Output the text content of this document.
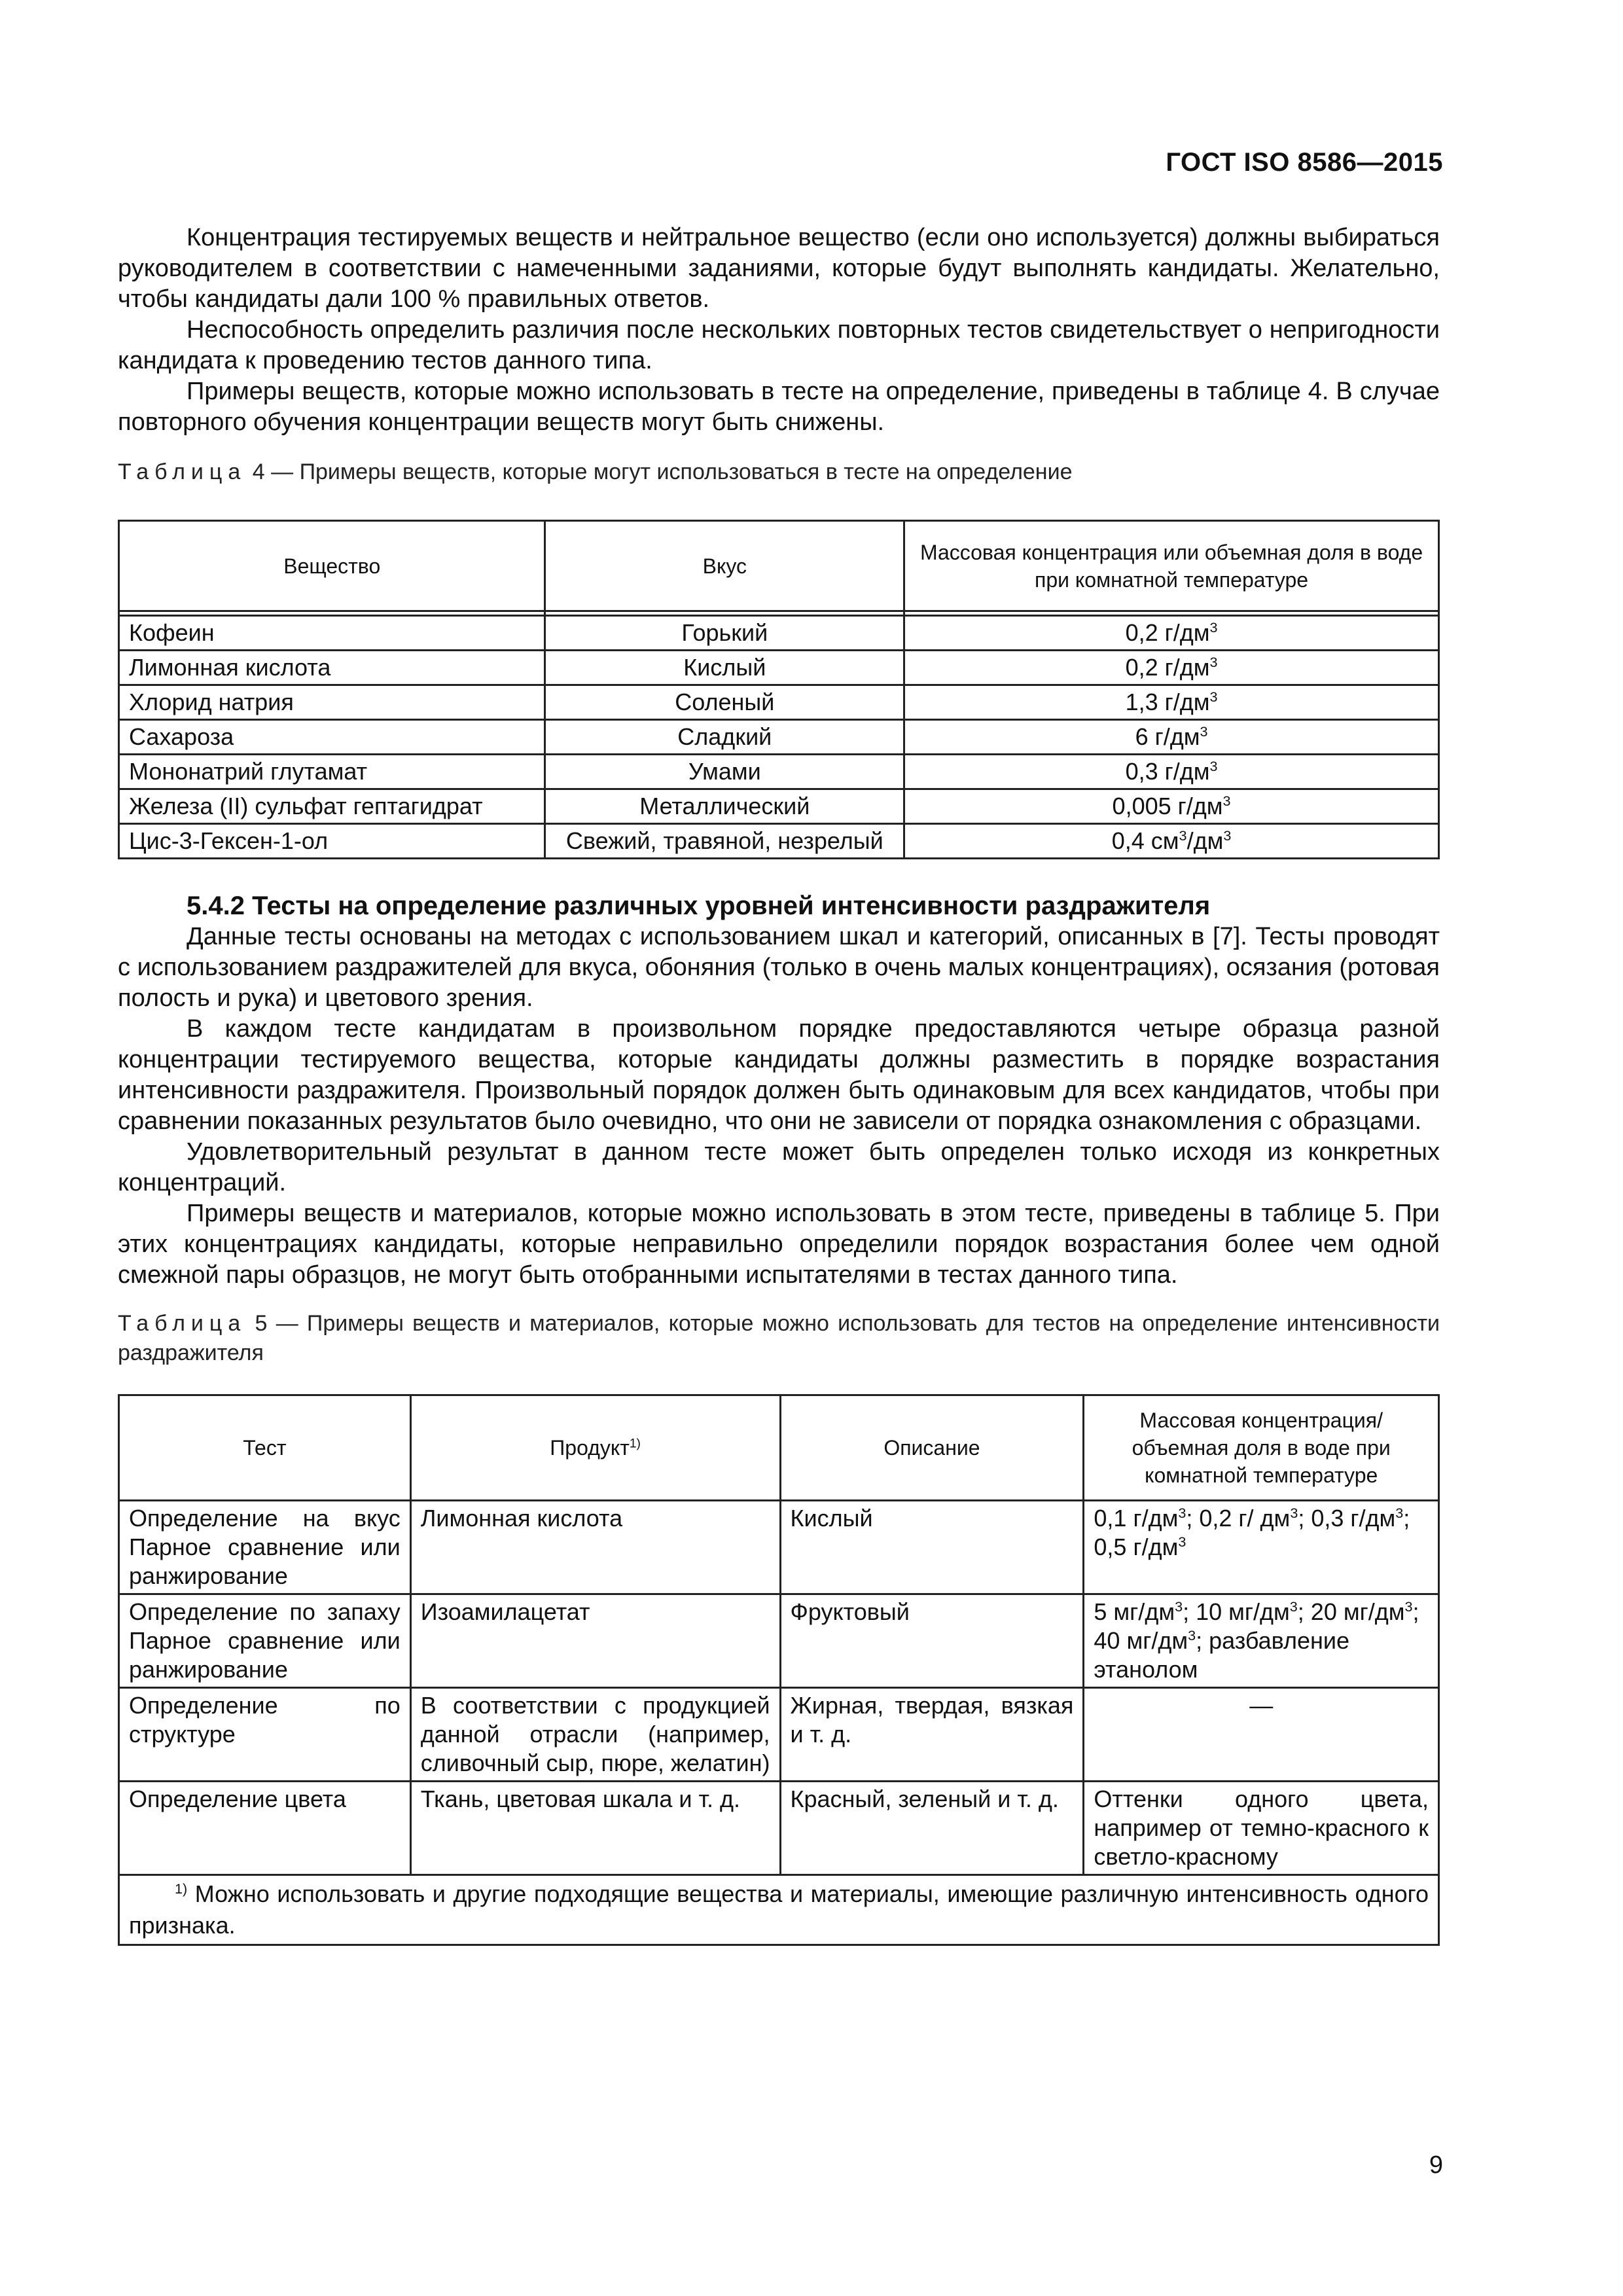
ГОСТ ISO 8586—2015

Концентрация тестируемых веществ и нейтральное вещество (если оно используется) должны выбираться руководителем в соответствии с намеченными заданиями, которые будут выполнять кандидаты. Желательно, чтобы кандидаты дали 100 % правильных ответов.

Неспособность определить различия после нескольких повторных тестов свидетельствует о непригодности кандидата к проведению тестов данного типа.

Примеры веществ, которые можно использовать в тесте на определение, приведены в таблице 4. В случае повторного обучения концентрации веществ могут быть снижены.

Таблица 4 — Примеры веществ, которые могут использоваться в тесте на определение

Вещество	Вкус	Массовая концентрация или объемная доля в воде при комнатной температуре

Кофеин	Горький	0,2 $г/дм^3$
Лимонная кислота	Кислый	0,2 $г/дм^3$
Хлорид натрия	Соленый	1,3 $г/дм^3$
Сахароза	Сладкий	6 $г/дм^3$
Мононатрий глутамат	Умами	0,3 $г/дм^3$
Железа (II) сульфат гептагидрат	Металлический	0,005 $г/дм^3$
Цис-3-Гексен-1-ол	Свежий, травяной, незрелый	0,4 $см^3/дм^3$

5.4.2 Тесты на определение различных уровней интенсивности раздражителя

Данные тесты основаны на методах с использованием шкал и категорий, описанных в [7]. Тесты проводят с использованием раздражителей для вкуса, обоняния (только в очень малых концентрациях), осязания (ротовая полость и рука) и цветового зрения.

В каждом тесте кандидатам в произвольном порядке предоставляются четыре образца разной концентрации тестируемого вещества, которые кандидаты должны разместить в порядке возрастания интенсивности раздражителя. Произвольный порядок должен быть одинаковым для всех кандидатов, чтобы при сравнении показанных результатов было очевидно, что они не зависели от порядка ознакомления с образцами.

Удовлетворительный результат в данном тесте может быть определен только исходя из конкретных концентраций.

Примеры веществ и материалов, которые можно использовать в этом тесте, приведены в таблице 5. При этих концентрациях кандидаты, которые неправильно определили порядок возрастания более чем одной смежной пары образцов, не могут быть отобранными испытателями в тестах данного типа.

Таблица 5 — Примеры веществ и материалов, которые можно использовать для тестов на определение интенсивности раздражителя

Тест	Продукт$^{1)}$	Описание	Массовая концентрация/ объемная доля в воде при комнатной температуре
Определение на вкус Парное сравнение или ранжирование	Лимонная кислота	Кислый	0,1 $г/дм^3$; 0,2 г/ $дм^3$; 0,3 $г/дм^3$; 0,5 $г/дм^3$
Определение по запаху Парное сравнение или ранжирование	Изоамилацетат	Фруктовый	5 $мг/дм^3$; 10 $мг/дм^3$; 20 $мг/дм^3$; 40 $мг/дм^3$; разбавление этанолом
Определение по структуре	В соответствии с продукцией данной отрасли (например, сливочный сыр, пюре, желатин)	Жирная, твердая, вязкая и т. д.	—
Определение цвета	Ткань, цветовая шкала и т. д.	Красный, зеленый и т. д.	Оттенки одного цвета, например от темно-красного к светло-красному
$^{1)}$ Можно использовать и другие подходящие вещества и материалы, имеющие различную интенсивность одного признака.			
9
